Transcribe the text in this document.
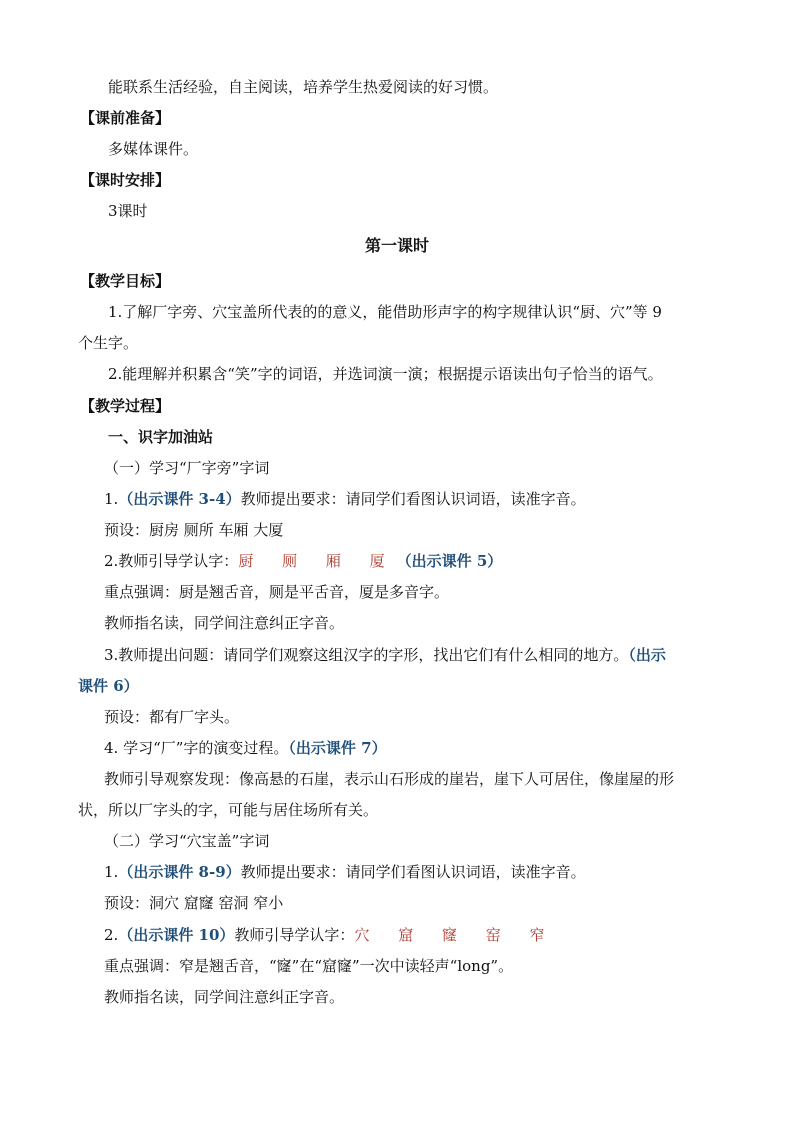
能联系生活经验，自主阅读，培养学生热爱阅读的好习惯。
【课前准备】
多媒体课件。
【课时安排】
3课时
第一课时
【教学目标】
1.了解厂字旁、穴宝盖所代表的的意义，能借助形声字的构字规律认识“厨、穴”等 9
个生字。
2.能理解并积累含“笑”字的词语，并选词演一演；根据提示语读出句子恰当的语气。
【教学过程】
一、识字加油站
（一）学习“厂字旁”字词
1.（出示课件 3-4）教师提出要求：请同学们看图认识词语，读准字音。
预设：厨房 厕所 车厢 大厦
2.教师引导学认字：厨 厕 厢 厦（出示课件 5）
重点强调：厨是翘舌音，厕是平舌音，厦是多音字。
教师指名读，同学间注意纠正字音。
3.教师提出问题：请同学们观察这组汉字的字形，找出它们有什么相同的地方。（出示
课件 6）
预设：都有厂字头。
4. 学习“厂”字的演变过程。（出示课件 7）
教师引导观察发现：像高悬的石崖，表示山石形成的崖岩，崖下人可居住，像崖屋的形
状，所以厂字头的字，可能与居住场所有关。
（二）学习“穴宝盖”字词
1.（出示课件 8-9）教师提出要求：请同学们看图认识词语，读准字音。
预设：洞穴 窟窿 窑洞 窄小
2.（出示课件 10）教师引导学认字：穴 窟 窿 窑 窄
重点强调：窄是翘舌音，“窿”在“窟窿”一次中读轻声“long”。
教师指名读，同学间注意纠正字音。
